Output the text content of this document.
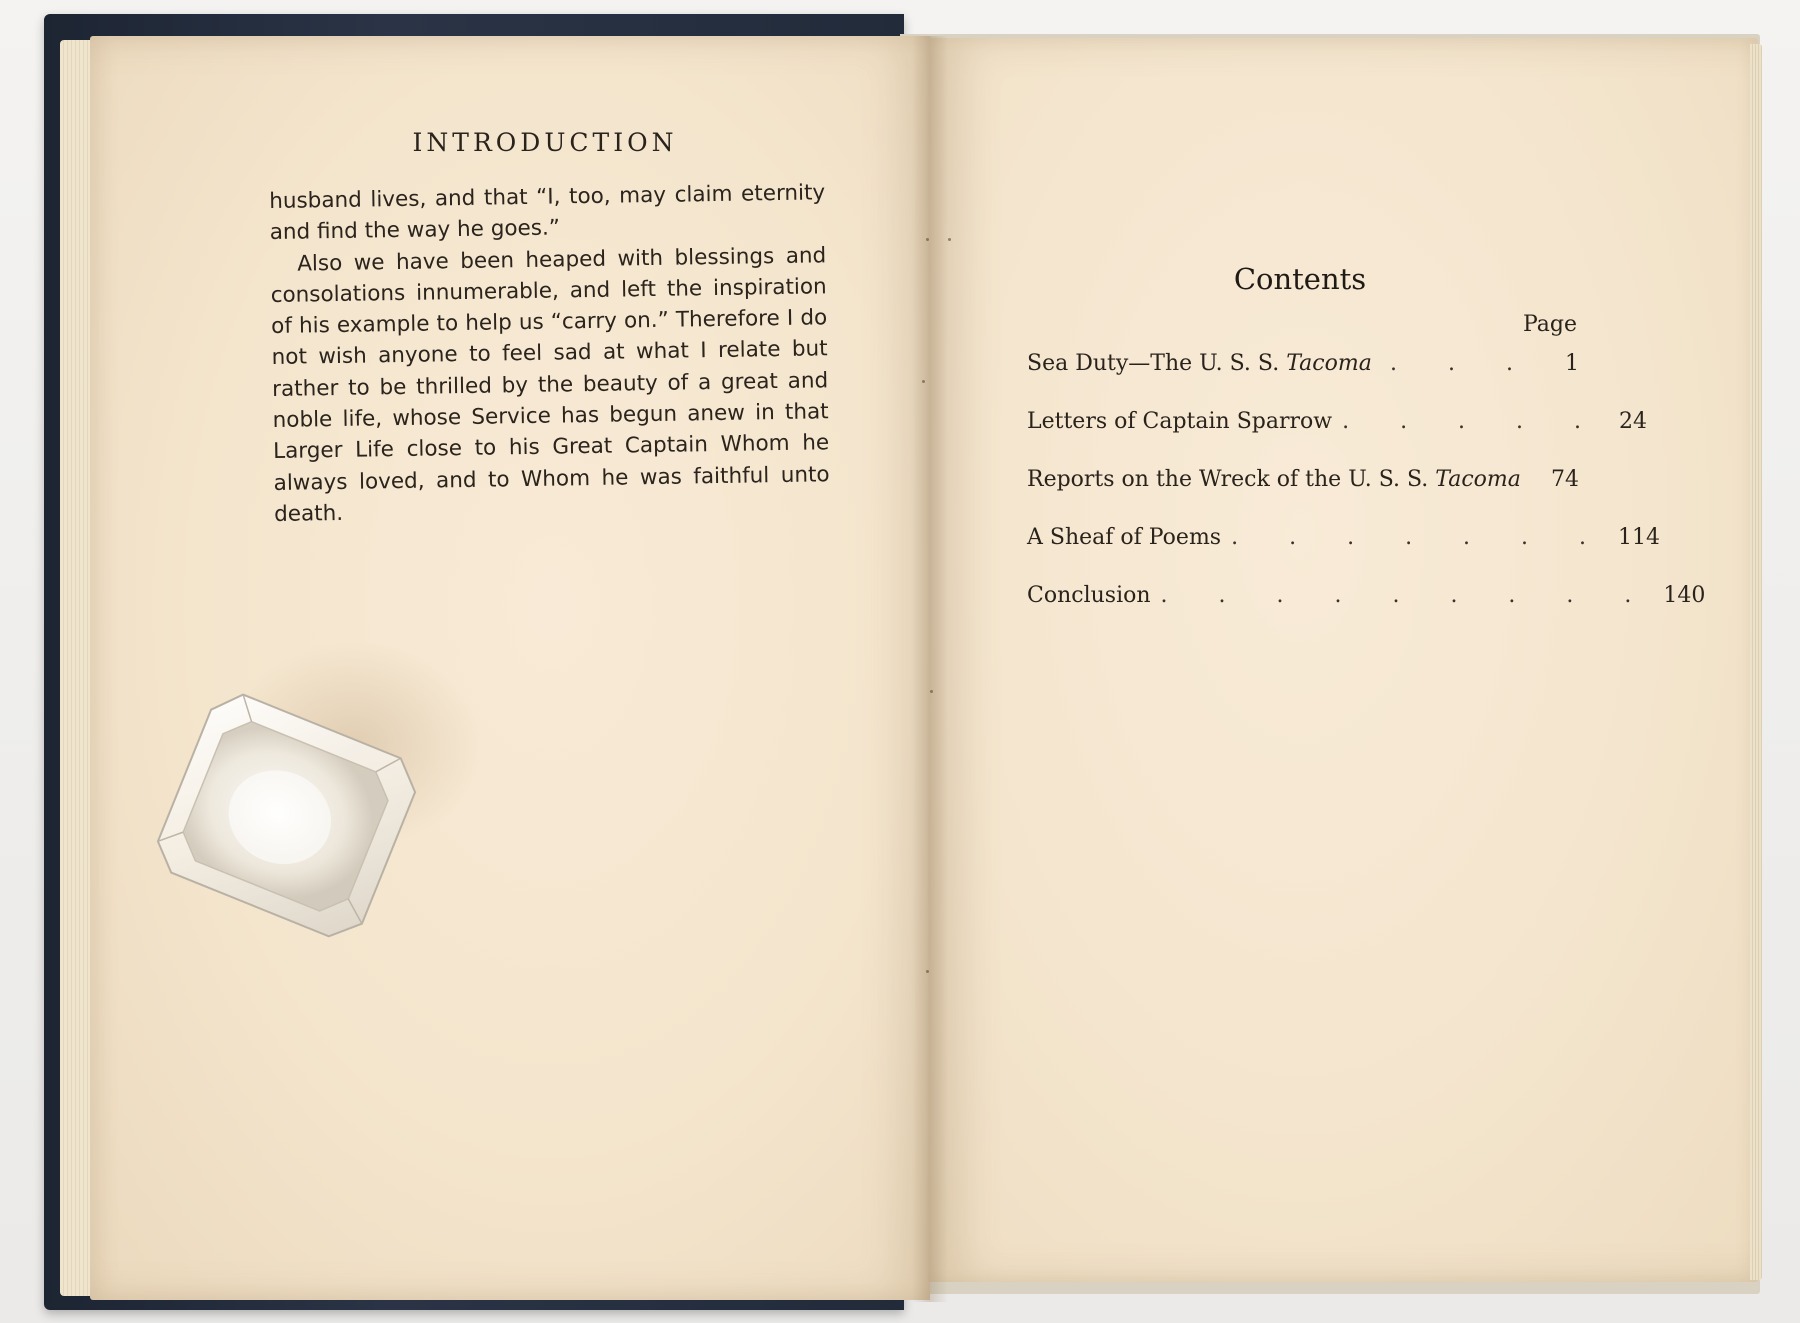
INTRODUCTION

husband lives, and that “I, too, may claim eternity and find the way he goes.”

Also we have been heaped with blessings and consolations innumerable, and left the inspiration of his example to help us “carry on.” Therefore I do not wish anyone to feel sad at what I relate but rather to be thrilled by the beauty of a great and noble life, whose Service has begun anew in that Larger Life close to his Great Captain Whom he always loved, and to Whom he was faithful unto death.

Contents
Page
Sea Duty—The U. S. S. Tacoma . . .	1
Letters of Captain Sparrow . . . . . 24
Reports on the Wreck of the U. S. S. Tacoma 74
A Sheaf of Poems . . . . . . . 114
Conclusion . . . . . . . . . 140
